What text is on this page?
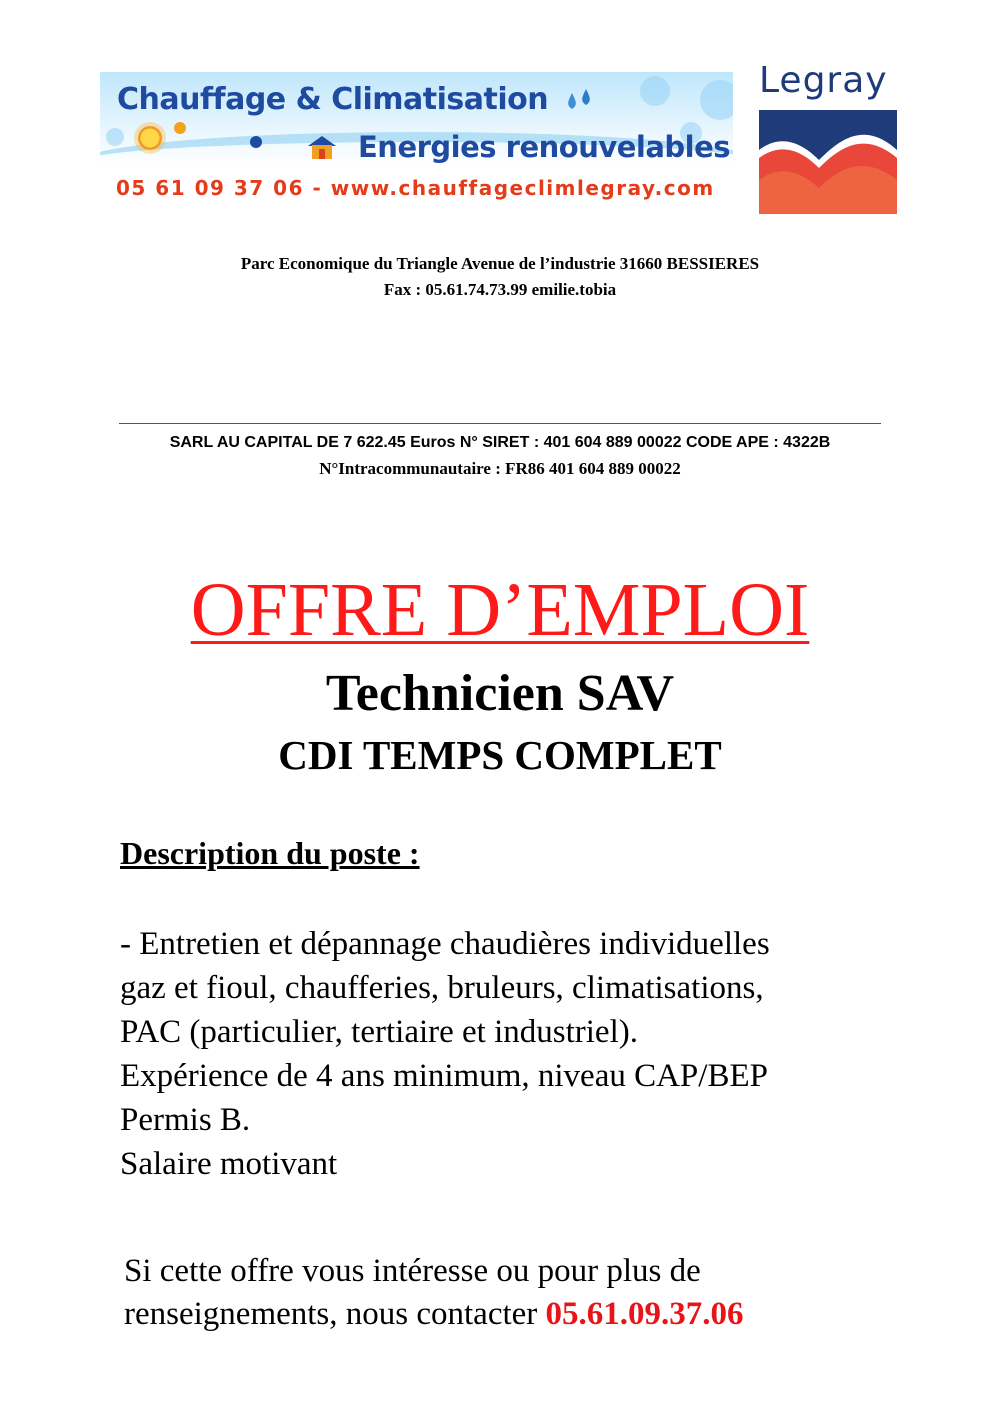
Chauffage & Climatisation
Energies renouvelables
05 61 09 37 06 - www.chauffageclimlegray.com
Legray
Parc Economique du Triangle Avenue de l’industrie 31660 BESSIERES
Fax : 05.61.74.73.99 emilie.tobia
SARL AU CAPITAL DE 7 622.45 Euros N° SIRET : 401 604 889 00022 CODE APE : 4322B
N°Intracommunautaire : FR86 401 604 889 00022
OFFRE D’EMPLOI
Technicien SAV
CDI TEMPS COMPLET
Description du poste :
- Entretien et dépannage chaudières individuelles
gaz et fioul, chaufferies, bruleurs, climatisations,
PAC (particulier, tertiaire et industriel).
Expérience de 4 ans minimum, niveau CAP/BEP
Permis B.
Salaire motivant
Si cette offre vous intéresse ou pour plus de
renseignements, nous contacter 05.61.09.37.06
